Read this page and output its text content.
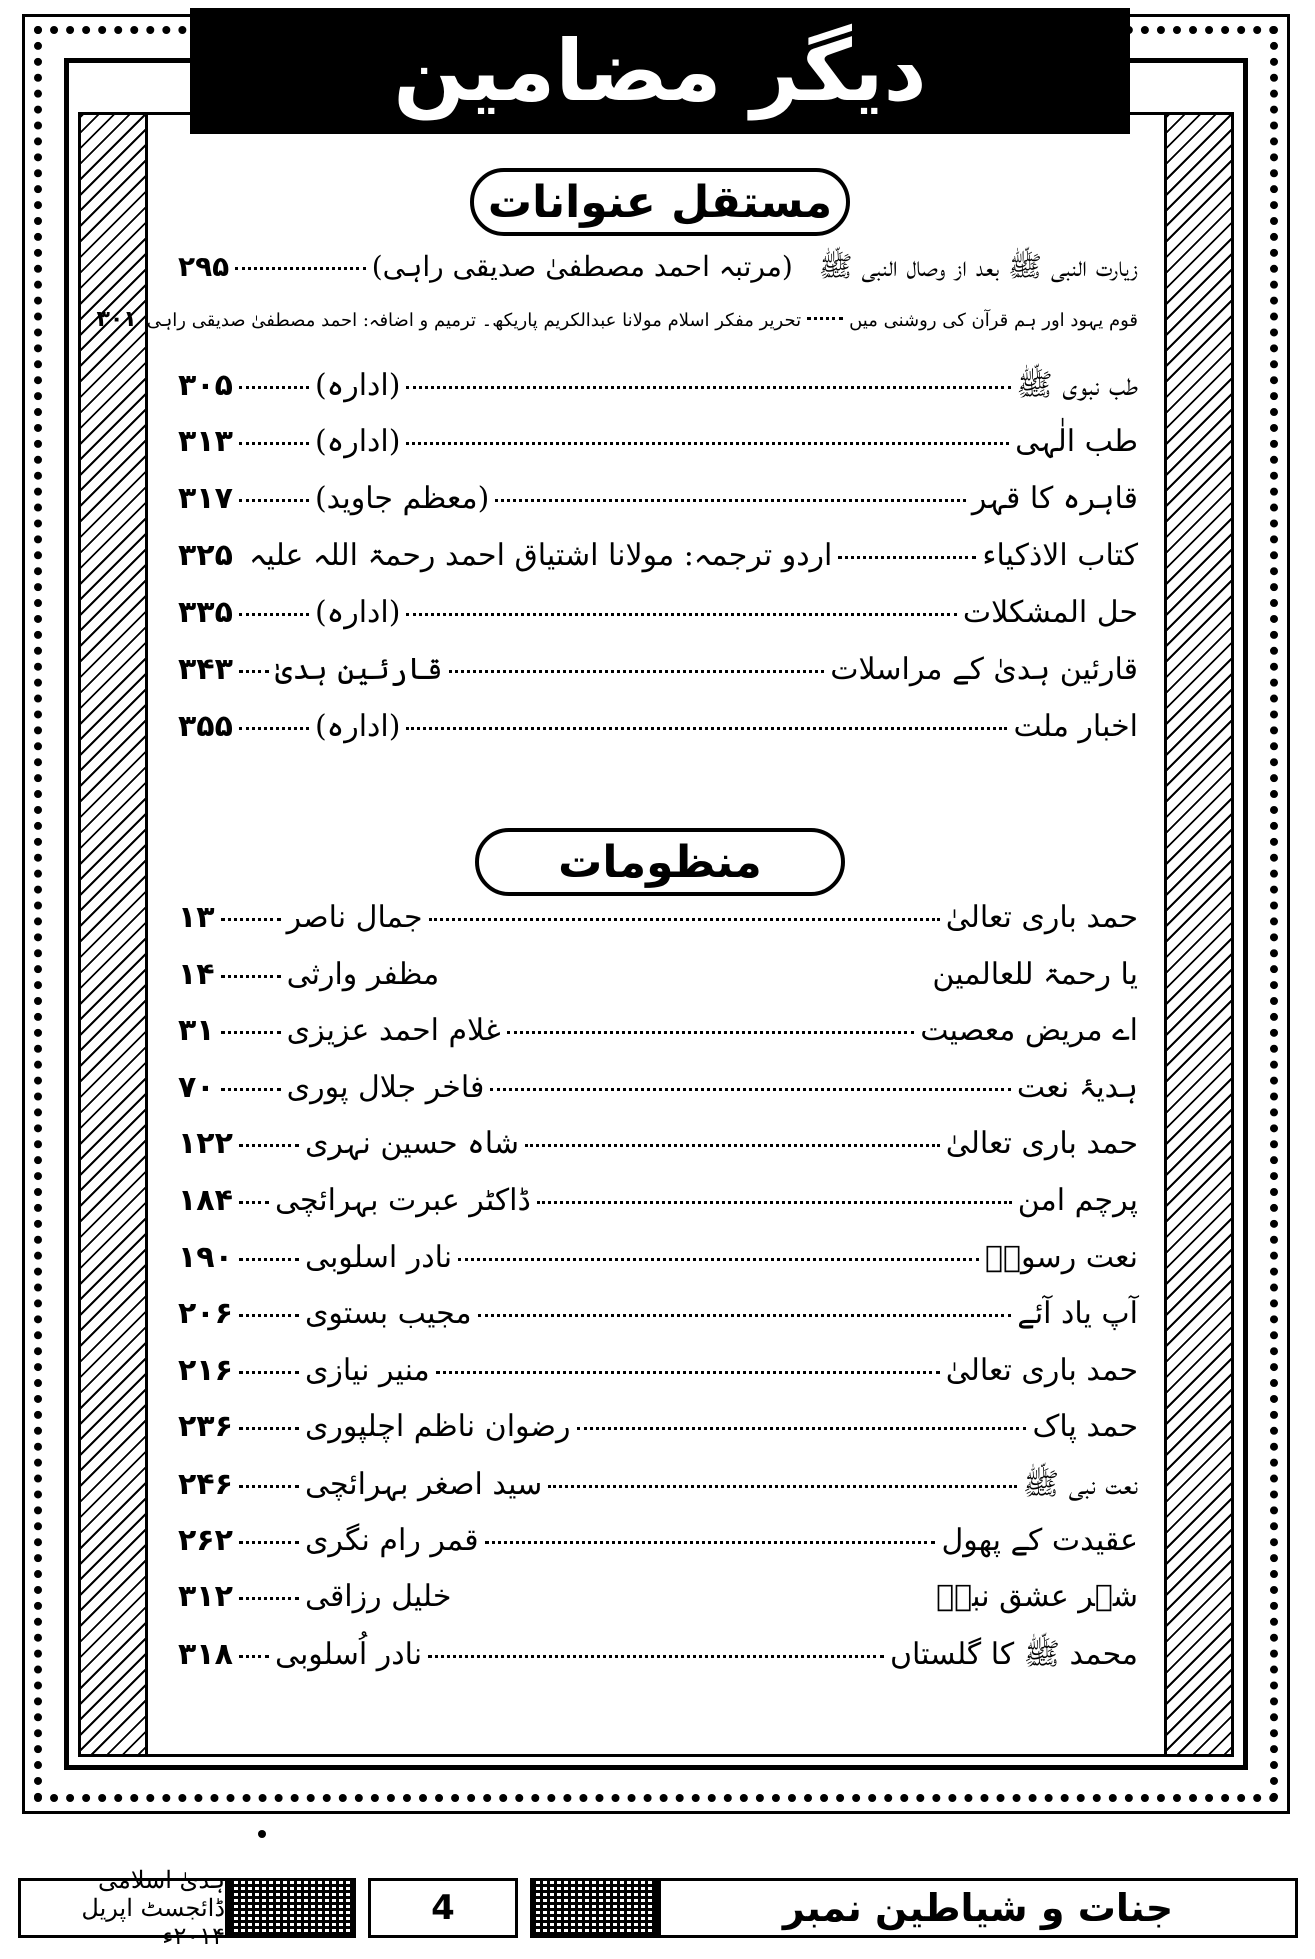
دیگر مضامین
مستقل عنوانات
زیارت النبی ﷺ بعد از وصال النبی ﷺ
(مرتبہ احمد مصطفیٰ صدیقی راہی)
۲۹۵
قوم یہود اور ہم قرآن کی روشنی میں
تحریر مفکر اسلام مولانا عبدالکریم پاریکھ۔ ترمیم و اضافہ: احمد مصطفیٰ صدیقی راہی
۳۰۱
طب نبوی ﷺ
(ادارہ)
۳۰۵
طب الٰہی
(ادارہ)
۳۱۳
قاہرہ کا قہر
(معظم جاوید)
۳۱۷
کتاب الاذکیاء
اردو ترجمہ: مولانا اشتیاق احمد رحمۃ اللہ علیہ
۳۲۵
حل المشکلات
(ادارہ)
۳۳۵
قارئین ہدیٰ کے مراسلات
قارئین ہدیٰ
۳۴۳
اخبار ملت
(ادارہ)
۳۵۵
منظومات
حمد باری تعالیٰ
جمال ناصر
۱۳
یا رحمۃ للعالمین
مظفر وارثی
۱۴
اے مریض معصیت
غلام احمد عزیزی
۳۱
ہدیۂ نعت
فاخر جلال پوری
۷۰
حمد باری تعالیٰ
شاہ حسین نہری
۱۲۲
پرچم امن
ڈاکٹر عبرت بہرائچی
۱۸۴
نعت رسولؐ
نادر اسلوبی
۱۹۰
آپ یاد آئے
مجیب بستوی
۲۰۶
حمد باری تعالیٰ
منیر نیازی
۲۱۶
حمد پاک
رضوان ناظم اچلپوری
۲۳۶
نعت نبی ﷺ
سید اصغر بہرائچی
۲۴۶
عقیدت کے پھول
قمر رام نگری
۲۶۲
شہر عشق نبیؐ
خلیل رزاقی
۳۱۲
محمد ﷺ کا گلستاں
نادر اُسلوبی
۳۱۸
ہدیٰ اسلامی ڈائجسٹ اپریل ۲۰۱۴ء
4	جنات و شیاطین نمبر
